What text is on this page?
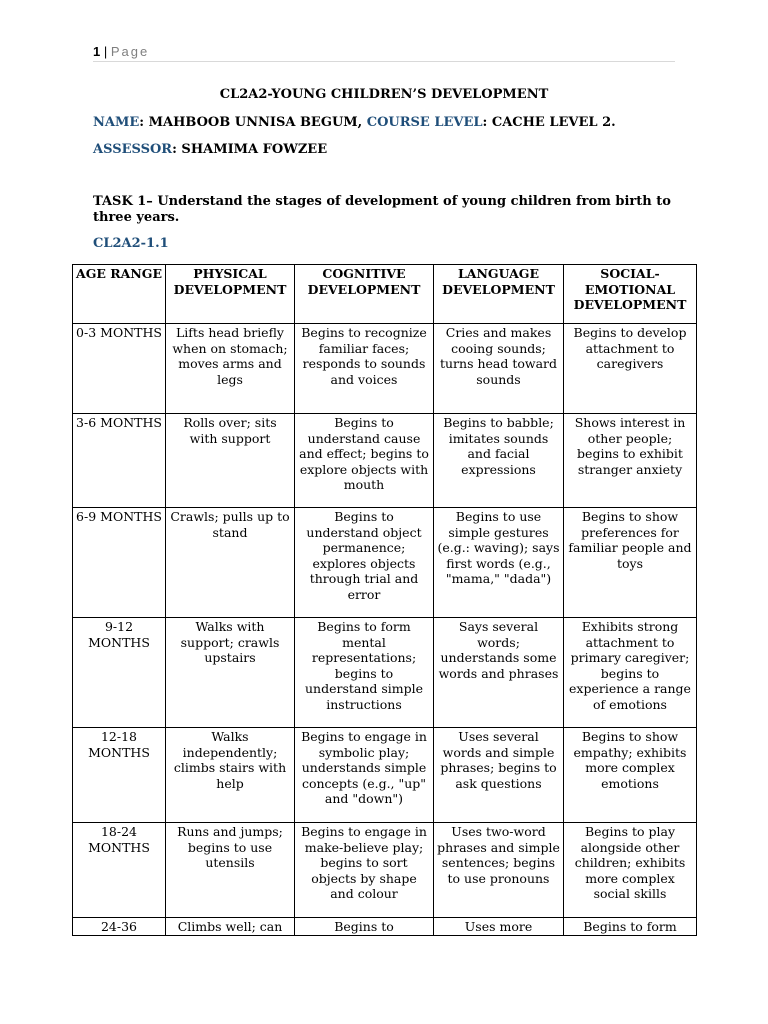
1 | Page
CL2A2-YOUNG CHILDREN’S DEVELOPMENT
NAME: MAHBOOB UNNISA BEGUM, COURSE LEVEL: CACHE LEVEL 2.
ASSESSOR: SHAMIMA FOWZEE
TASK 1– Understand the stages of development of young children from birth to three years.
CL2A2-1.1
AGE RANGE	PHYSICAL DEVELOPMENT	COGNITIVE DEVELOPMENT	LANGUAGE DEVELOPMENT	SOCIAL-EMOTIONAL DEVELOPMENT
0-3 MONTHS	Lifts head briefly when on stomach; moves arms and legs	Begins to recognize familiar faces; responds to sounds and voices	Cries and makes cooing sounds; turns head toward sounds	Begins to develop attachment to caregivers
3-6 MONTHS	Rolls over; sits with support	Begins to understand cause and effect; begins to explore objects with mouth	Begins to babble; imitates sounds and facial expressions	Shows interest in other people; begins to exhibit stranger anxiety
6-9 MONTHS	Crawls; pulls up to stand	Begins to understand object permanence; explores objects through trial and error	Begins to use simple gestures (e.g.: waving); says first words (e.g., "mama," "dada")	Begins to show preferences for familiar people and toys
9-12 MONTHS	Walks with support; crawls upstairs	Begins to form mental representations; begins to understand simple instructions	Says several words; understands some words and phrases	Exhibits strong attachment to primary caregiver; begins to experience a range of emotions
12-18 MONTHS	Walks independently; climbs stairs with help	Begins to engage in symbolic play; understands simple concepts (e.g., "up" and "down")	Uses several words and simple phrases; begins to ask questions	Begins to show empathy; exhibits more complex emotions
18-24 MONTHS	Runs and jumps; begins to use utensils	Begins to engage in make-believe play; begins to sort objects by shape and colour	Uses two-word phrases and simple sentences; begins to use pronouns	Begins to play alongside other children; exhibits more complex social skills
24-36	Climbs well; can	Begins to	Uses more	Begins to form
